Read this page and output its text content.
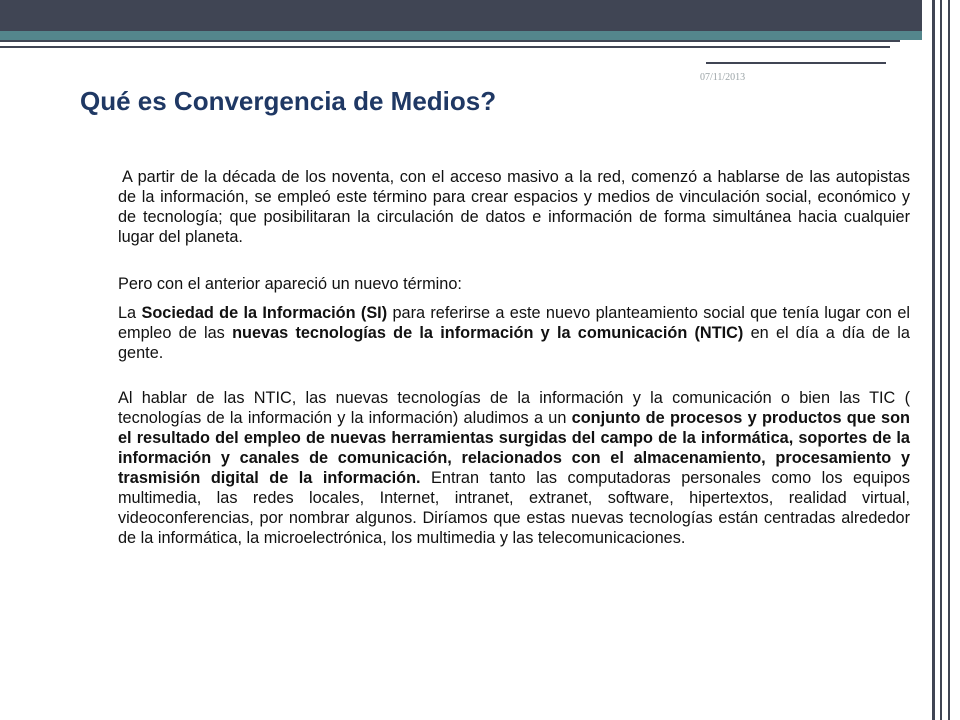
07/11/2013
Qué es Convergencia de Medios?

A partir de la década de los noventa, con el acceso masivo a la red, comenzó a hablarse de las autopistas de la información, se empleó este término para crear espacios y medios de vinculación social, económico y de tecnología; que posibilitaran la circulación de datos e información de forma simultánea hacia cualquier lugar del planeta.

Pero con el anterior apareció un nuevo término:

La Sociedad de la Información (SI) para referirse a este nuevo planteamiento social que tenía lugar con el empleo de las nuevas tecnologías de la información y la comunicación (NTIC) en el día a día de la gente.

Al hablar de las NTIC, las nuevas tecnologías de la información y la comunicación o bien las TIC ( tecnologías de la información y la información) aludimos a un conjunto de procesos y productos que son el resultado del empleo de nuevas herramientas surgidas del campo de la informática, soportes de la información y canales de comunicación, relacionados con el almacenamiento, procesamiento y trasmisión digital de la información. Entran tanto las computadoras personales como los equipos multimedia, las redes locales, Internet, intranet, extranet, software, hipertextos, realidad virtual, videoconferencias, por nombrar algunos. Diríamos que estas nuevas tecnologías están centradas alrededor de la informática, la microelectrónica, los multimedia y las telecomunicaciones.
